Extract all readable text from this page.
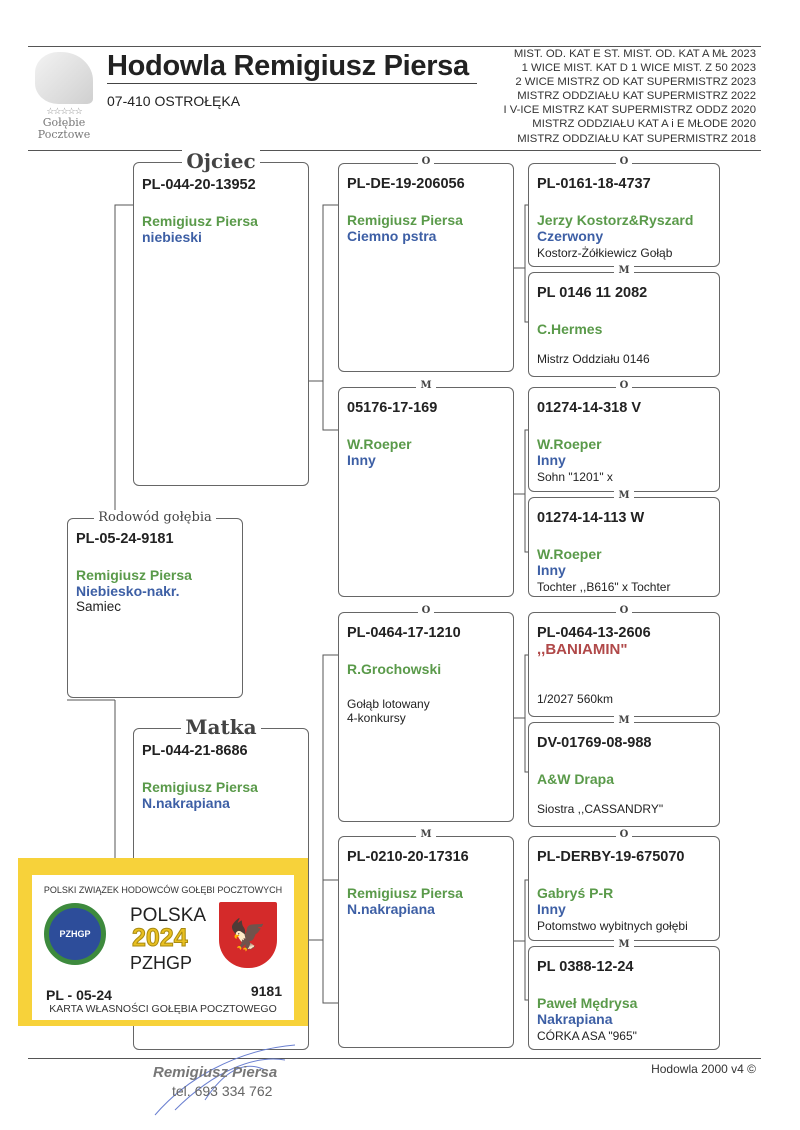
☆☆☆☆☆
Gołębie
Pocztowe
Hodowla Remigiusz Piersa
07-410 OSTROŁĘKA
MIST. OD. KAT E ST. MIST. OD. KAT A MŁ 2023
1 WICE MIST. KAT D 1 WICE MIST. Z 50 2023
2 WICE MISTRZ OD KAT SUPERMISTRZ 2023
MISTRZ ODDZIAŁU KAT SUPERMISTRZ 2022
I V-ICE MISTRZ KAT SUPERMISTRZ ODDZ 2020
MISTRZ ODDZIAŁU KAT A i E MŁODE 2020
MISTRZ ODDZIAŁU KAT SUPERMISTRZ 2018
Rodowód gołębia
PL-05-24-9181
Remigiusz Piersa
Niebiesko-nakr.
Samiec
Ojciec
PL-044-20-13952
Remigiusz Piersa
niebieski
Matka
PL-044-21-8686
Remigiusz Piersa
N.nakrapiana
O
PL-DE-19-206056
Remigiusz Piersa
Ciemno pstra
M
05176-17-169
W.Roeper
Inny
O
PL-0464-17-1210
R.Grochowski
Gołąb lotowany
4-konkursy
M
PL-0210-20-17316
Remigiusz Piersa
N.nakrapiana
O
PL-0161-18-4737
Jerzy Kostorz&Ryszard
Czerwony
Kostorz-Żółkiewicz Gołąb
M
PL 0146 11 2082
C.Hermes
Mistrz Oddziału 0146
O
01274-14-318 V
W.Roeper
Inny
Sohn "1201" x
M
01274-14-113 W
W.Roeper
Inny
Tochter ,,B616" x Tochter
O
PL-0464-13-2606
,,BANIAMIN"
1/2027 560km
M
DV-01769-08-988
A&W Drapa
Siostra ,,CASSANDRY"
O
PL-DERBY-19-675070
Gabryś P-R
Inny
Potomstwo wybitnych gołębi
M
PL 0388-12-24
Paweł Mędrysa
Nakrapiana
CÓRKA ASA "965"
POLSKI ZWIĄZEK HODOWCÓW GOŁĘBI POCZTOWYCH
PZHGP
POLSKA
2024
PZHGP
🦅
PL - 05-24	9181
KARTA WŁASNOŚCI GOŁĘBIA POCZTOWEGO
Remigiusz Piersa
tel. 693 334 762
Hodowla 2000 v4 ©
